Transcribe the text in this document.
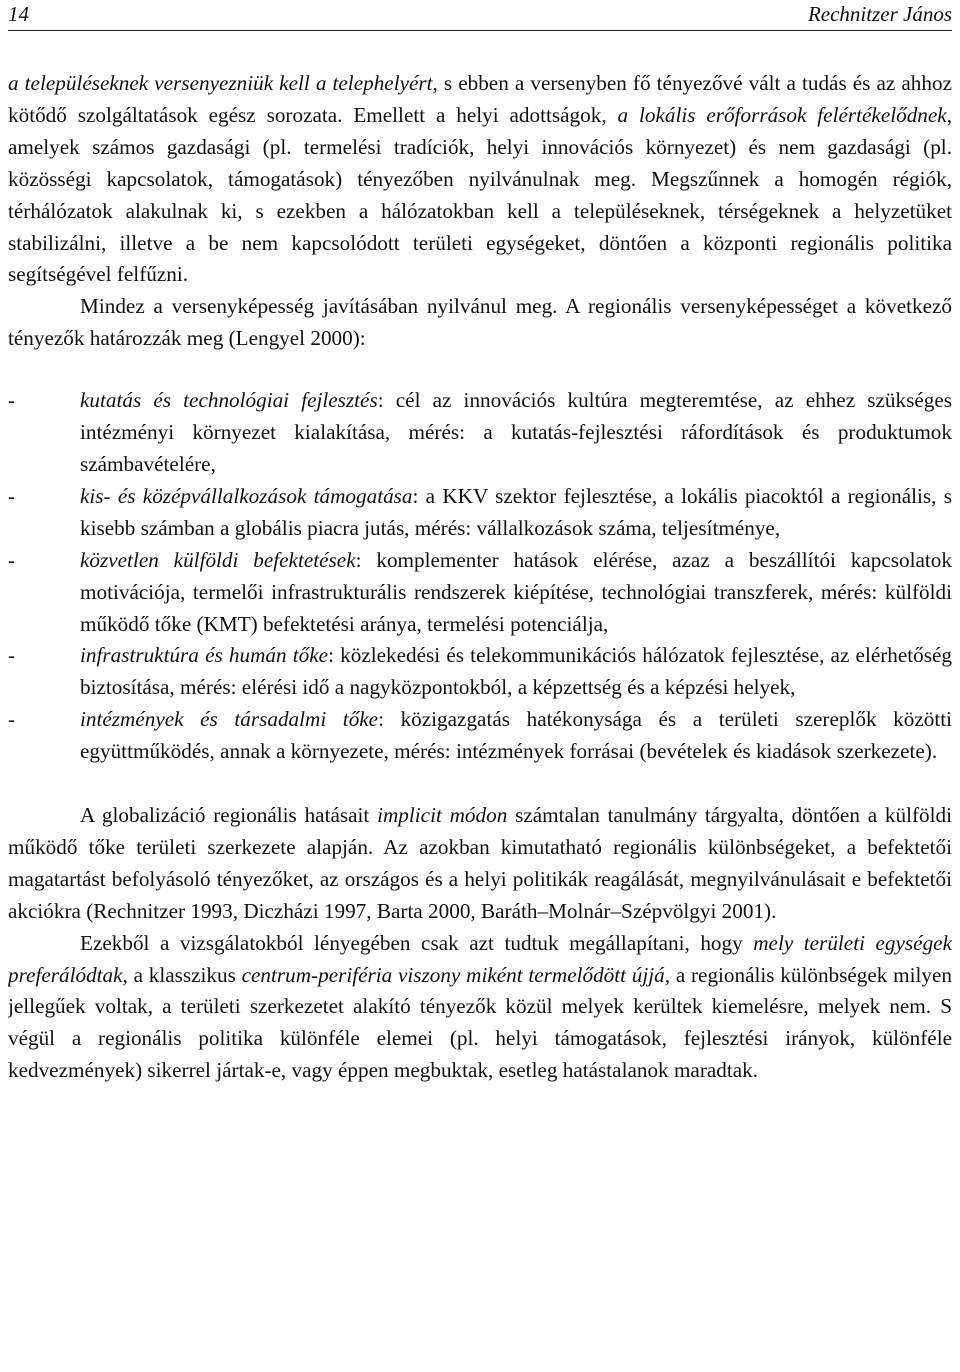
14	Rechnitzer János

a településeknek versenyezniük kell a telephelyért, s ebben a versenyben fő tényezővé vált a tudás és az ahhoz kötődő szolgáltatások egész sorozata. Emellett a helyi adottságok, a lokális erőforrások felértékelődnek, amelyek számos gazdasági (pl. termelési tradíciók, helyi innovációs környezet) és nem gazdasági (pl. közösségi kapcsolatok, támogatások) tényezőben nyilvánulnak meg. Megszűnnek a homogén régiók, térhálózatok alakulnak ki, s ezekben a hálózatokban kell a településeknek, térségeknek a helyzetüket stabilizálni, illetve a be nem kapcsolódott területi egységeket, döntően a központi regionális politika segítségével felfűzni.

Mindez a versenyképesség javításában nyilvánul meg. A regionális versenyképességet a következő tényezők határozzák meg (Lengyel 2000):

-	kutatás és technológiai fejlesztés: cél az innovációs kultúra megteremtése, az ehhez szükséges intézményi környezet kialakítása, mérés: a kutatás-fejlesztési ráfordítások és produktumok számbavételére,
-	kis- és középvállalkozások támogatása: a KKV szektor fejlesztése, a lokális piacoktól a regionális, s kisebb számban a globális piacra jutás, mérés: vállalkozások száma, teljesítménye,
-	közvetlen külföldi befektetések: komplementer hatások elérése, azaz a beszállítói kapcsolatok motivációja, termelői infrastrukturális rendszerek kiépítése, technológiai transzferek, mérés: külföldi működő tőke (KMT) befektetési aránya, termelési potenciálja,
-	infrastruktúra és humán tőke: közlekedési és telekommunikációs hálózatok fejlesztése, az elérhetőség biztosítása, mérés: elérési idő a nagyközpontokból, a képzettség és a képzési helyek,
-	intézmények és társadalmi tőke: közigazgatás hatékonysága és a területi szereplők közötti együttműködés, annak a környezete, mérés: intézmények forrásai (bevételek és kiadások szerkezete).

A globalizáció regionális hatásait implicit módon számtalan tanulmány tárgyalta, döntően a külföldi működő tőke területi szerkezete alapján. Az azokban kimutatható regionális különbségeket, a befektetői magatartást befolyásoló tényezőket, az országos és a helyi politikák reagálását, megnyilvánulásait e befektetői akciókra (Rechnitzer 1993, Diczházi 1997, Barta 2000, Baráth–Molnár–Szépvölgyi 2001).

Ezekből a vizsgálatokból lényegében csak azt tudtuk megállapítani, hogy mely területi egységek preferálódtak, a klasszikus centrum-periféria viszony miként termelődött újjá, a regionális különbségek milyen jellegűek voltak, a területi szerkezetet alakító tényezők közül melyek kerültek kiemelésre, melyek nem. S végül a regionális politika különféle elemei (pl. helyi támogatások, fejlesztési irányok, különféle kedvezmények) sikerrel jártak-e, vagy éppen megbuktak, esetleg hatástalanok maradtak.
